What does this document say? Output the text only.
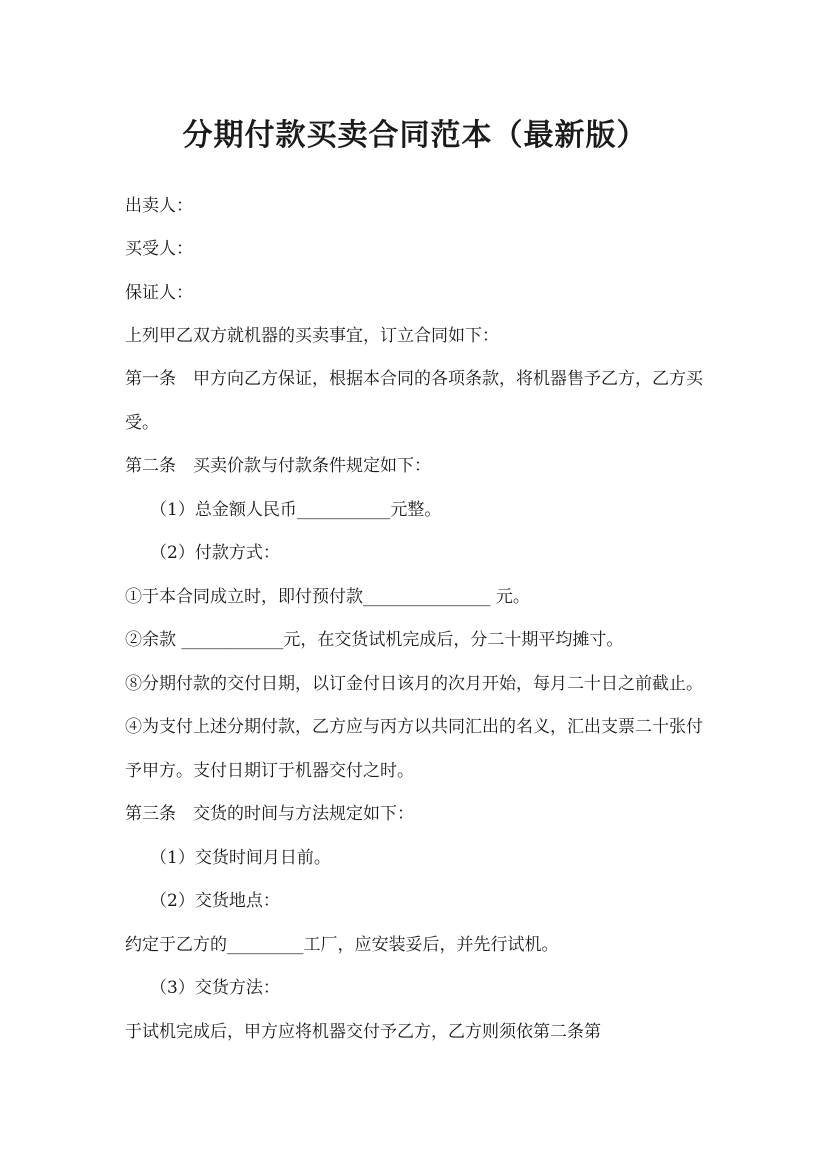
分期付款买卖合同范本（最新版）
出卖人：
买受人：
保证人：
上列甲乙双方就机器的买卖事宜，订立合同如下：
第一条　甲方向乙方保证，根据本合同的各项条款，将机器售予乙方，乙方买
受。
第二条　买卖价款与付款条件规定如下：
（1）总金额人民币___________元整。
（2）付款方式：
①于本合同成立时，即付预付款_______________ 元。
②余款 ____________元，在交货试机完成后，分二十期平均摊寸。
⑧分期付款的交付日期，以订金付日该月的次月开始，每月二十日之前截止。
④为支付上述分期付款，乙方应与丙方以共同汇出的名义，汇出支票二十张付
予甲方。支付日期订于机器交付之时。
第三条　交货的时间与方法规定如下：
（1）交货时间月日前。
（2）交货地点：
约定于乙方的_________工厂，应安装妥后，并先行试机。
（3）交货方法：
于试机完成后，甲方应将机器交付予乙方，乙方则须依第二条第
